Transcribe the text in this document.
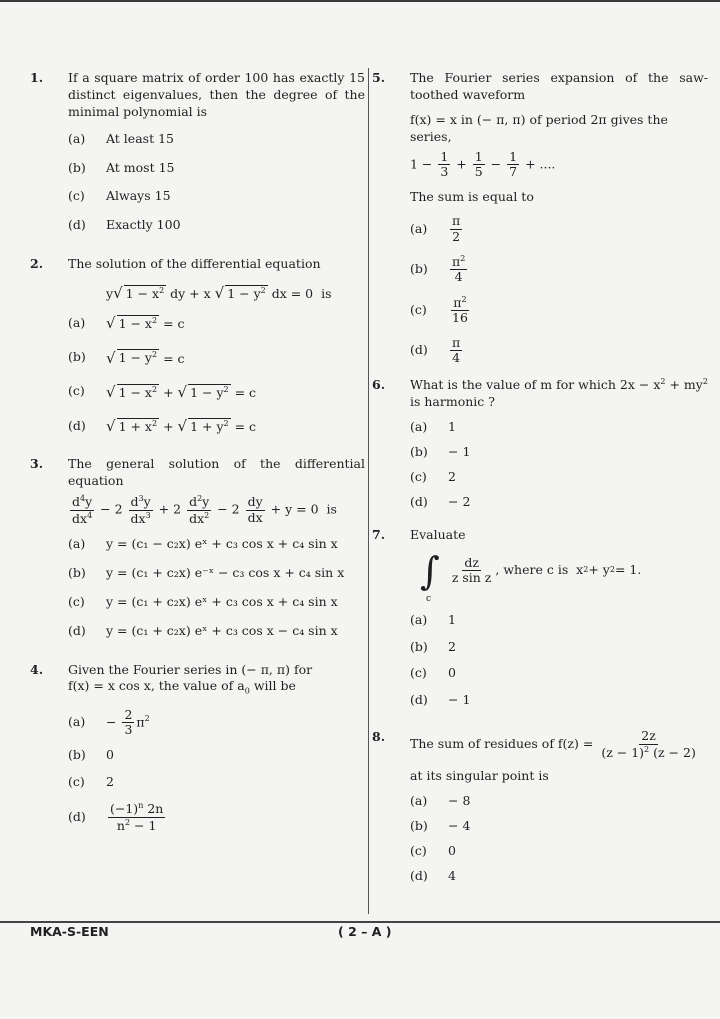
1. If a square matrix of order 100 has exactly 15 distinct eigenvalues, then the degree of the minimal polynomial is
(a)	At least 15
(b)	At most 15
(c)	Always 15
(d)	Exactly 100
2. The solution of the differential equation
y√ $1 - x^2$ dy + x √ $1 - y^2$ dx = 0  is
(a)	√ $1 - x^2 = c$
(b)	√ $1 - y^2 = c$
(c)	√ $1 - x^2$ + √ $1 - y^2 = c$
(d)	√ $1 + x^2$ + √ $1 + y^2 = c$
3. The general solution of the differential equation
$\frac{d^4y}{dx^4} - 2 \frac{d^3y}{dx^3} + 2 \frac{d^2y}{dx^2} - 2 \frac{dy}{dx} + y = 0$  is
(a)	y = (c₁ − c₂x) eˣ + c₃ cos x + c₄ sin x
(b)	y = (c₁ + c₂x) e⁻ˣ − c₃ cos x + c₄ sin x
(c)	y = (c₁ + c₂x) eˣ + c₃ cos x + c₄ sin x
(d)	y = (c₁ + c₂x) eˣ + c₃ cos x − c₄ sin x
4. Given the Fourier series in (− π, π) for
f(x) = x cos x, the value of $a_0$ will be
(a)	− $\frac{2}{3} \pi^2$
(b)	0
(c)	2
(d)	$\frac{(-1)^n 2n}{n^2 - 1}$
5. The Fourier series expansion of the saw-toothed waveform
f(x) = x in (− π, π) of period 2π gives the series,
$1 - \frac{1}{3} + \frac{1}{5} - \frac{1}{7}$ + ....
The sum is equal to
(a)	$\frac{\pi}{2}$
(b)	$\frac{\pi^2}{4}$
(c)	$\frac{\pi^2}{16}$
(d)	$\frac{\pi}{4}$
6. What is the value of m for which $2x - x^2 + my^2$
is harmonic ?
(a)	1
(b)	− 1
(c)	2
(d)	− 2
7. Evaluate
∫
c
$\frac{dz}{\text{z sin z}}$ , where c is x 2 + y 2 = 1.
(a)	1
(b)	2
(c)	0
(d)	− 1
8. The sum of residues of f(z) =
$\frac{2z}{(z - 1)^2 (z - 2)}$
at its singular point is
(a)	− 8
(b)	− 4
(c)	0
(d)	4
MKA-S-EEN	( 2 – A )
